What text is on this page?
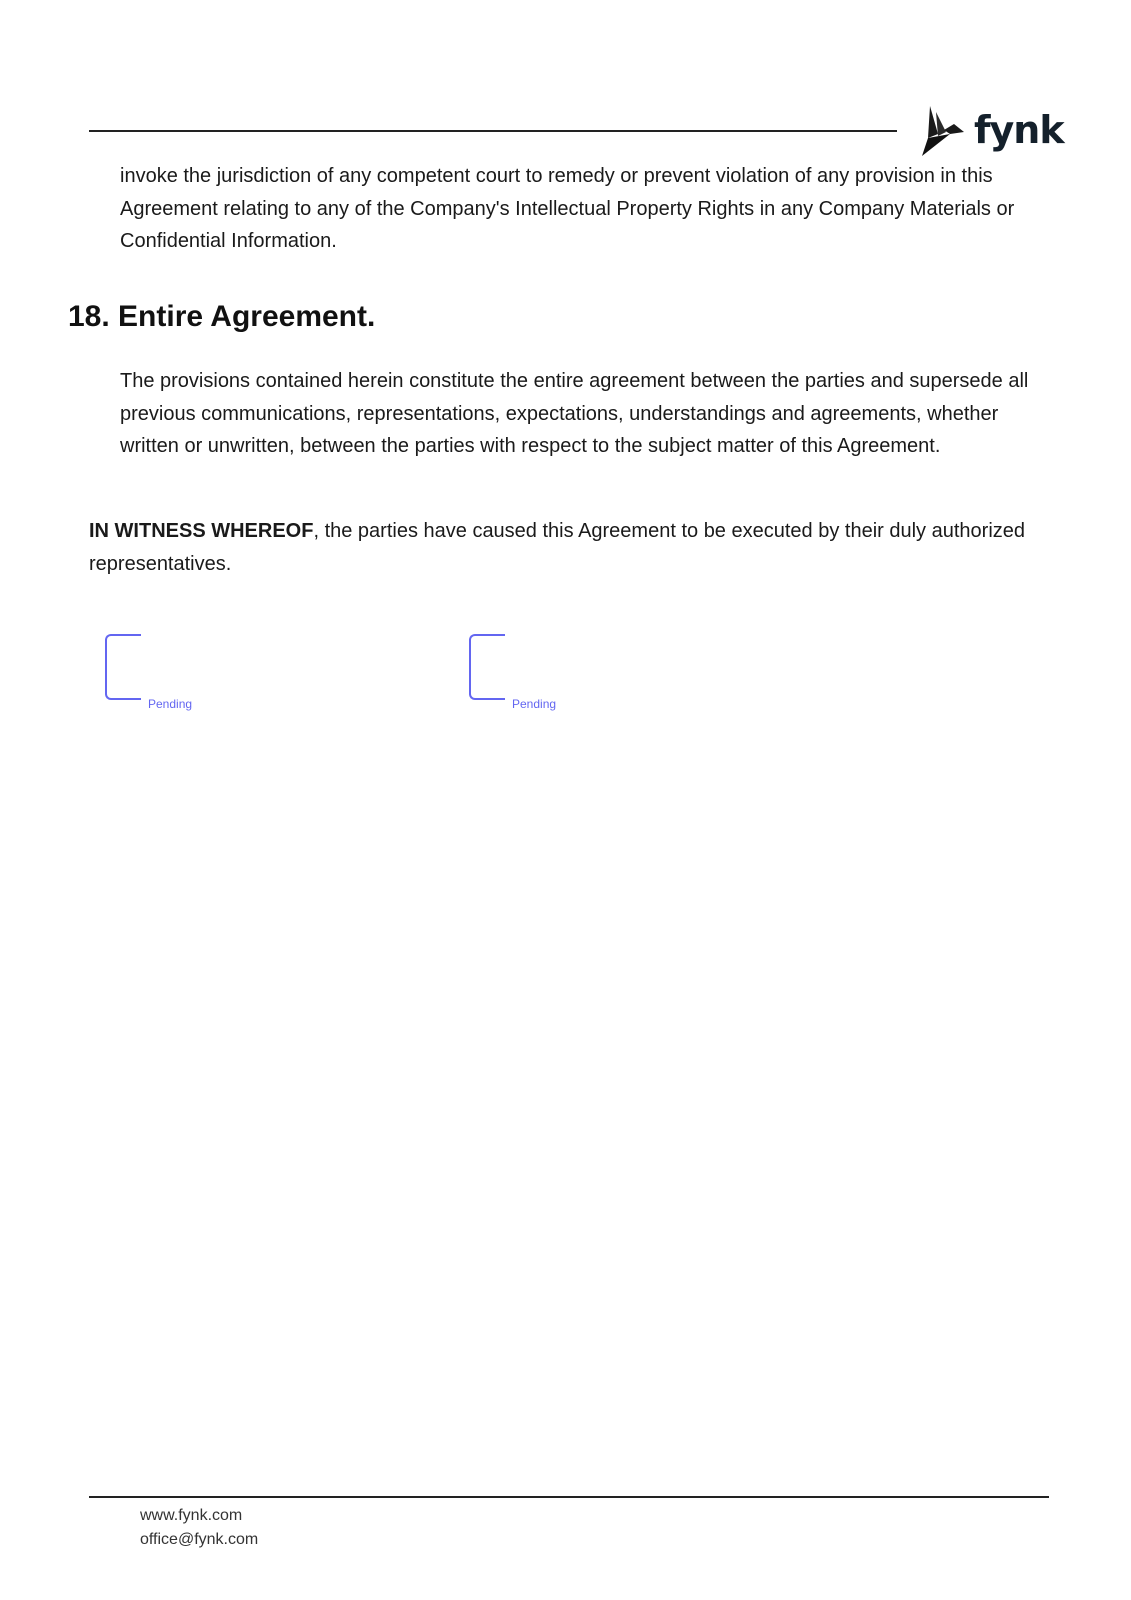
fynk
invoke the jurisdiction of any competent court to remedy or prevent violation of any provision in this Agreement relating to any of the Company's Intellectual Property Rights in any Company Materials or Confidential Information.
18. Entire Agreement.
The provisions contained herein constitute the entire agreement between the parties and supersede all previous communications, representations, expectations, understandings and agreements, whether written or unwritten, between the parties with respect to the subject matter of this Agreement.
IN WITNESS WHEREOF, the parties have caused this Agreement to be executed by their duly authorized representatives.
Pending	Pending
www.fynk.com
office@fynk.com
